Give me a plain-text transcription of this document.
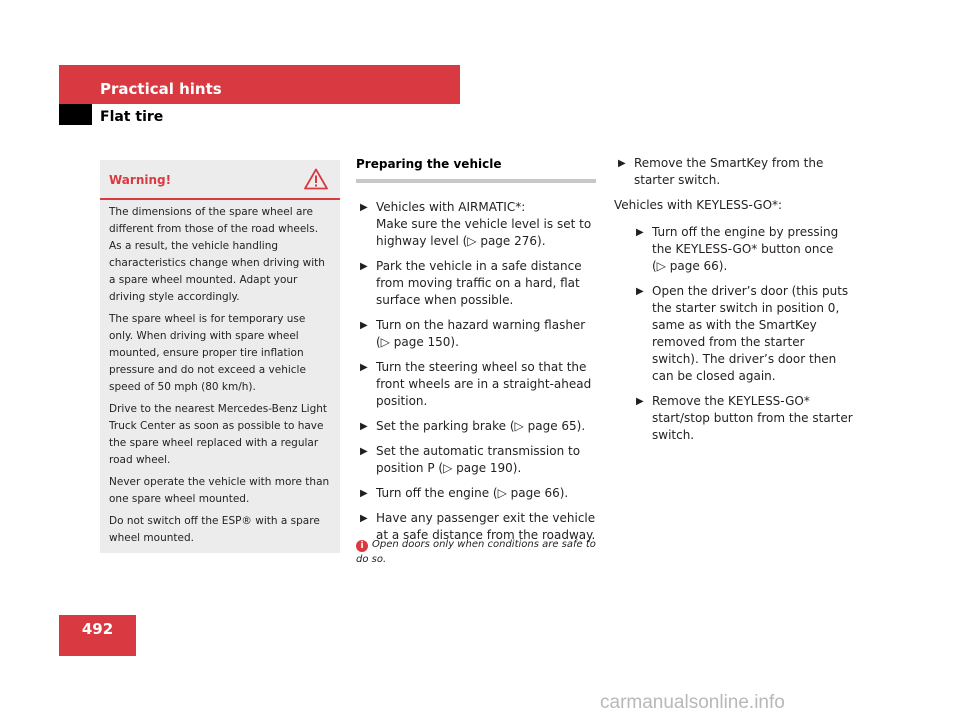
Practical hints
Flat tire
Warning!

The dimensions of the spare wheel are different from those of the road wheels. As a result, the vehicle handling characteristics change when driving with a spare wheel mounted. Adapt your driving style accordingly.

The spare wheel is for temporary use only. When driving with spare wheel mounted, ensure proper tire inflation pressure and do not exceed a vehicle speed of 50 mph (80 km/h).

Drive to the nearest Mercedes-Benz Light Truck Center as soon as possible to have the spare wheel replaced with a regular road wheel.

Never operate the vehicle with more than one spare wheel mounted.

Do not switch off the ESP® with a spare wheel mounted.

Preparing the vehicle
▶ Vehicles with AIRMATIC*:
Make sure the vehicle level is set to highway level (▷ page 276).
▶ Park the vehicle in a safe distance from moving traffic on a hard, flat surface when possible.
▶ Turn on the hazard warning flasher
(▷ page 150).
▶ Turn the steering wheel so that the front wheels are in a straight-ahead position.
▶ Set the parking brake (▷ page 65).
▶ Set the automatic transmission to position P (▷ page 190).
▶ Turn off the engine (▷ page 66).
▶ Have any passenger exit the vehicle at a safe distance from the roadway.
i Open doors only when conditions are safe to do so.
▶ Remove the SmartKey from the starter switch.
Vehicles with KEYLESS-GO*:
▶ Turn off the engine by pressing the KEYLESS-GO* button once
(▷ page 66).
▶ Open the driver’s door (this puts the starter switch in position 0, same as with the SmartKey removed from the starter switch). The driver’s door then can be closed again.
▶ Remove the KEYLESS-GO* start/stop button from the starter switch.
492
carmanualsonline.info
